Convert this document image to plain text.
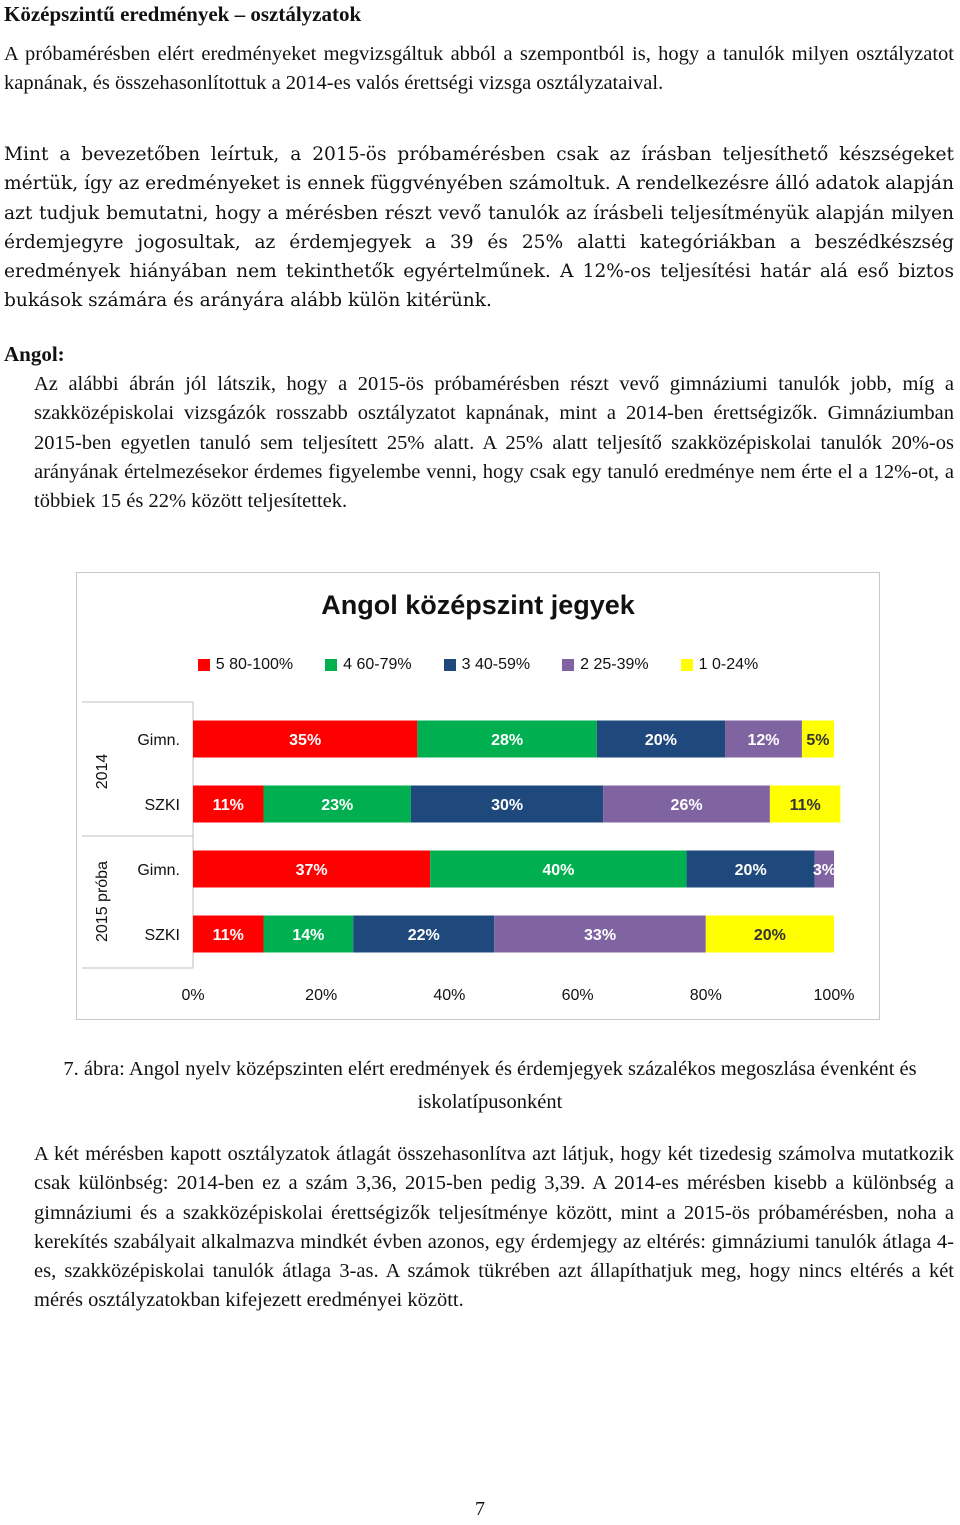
Középszintű eredmények – osztályzatok

A próbamérésben elért eredményeket megvizsgáltuk abból a szempontból is, hogy a tanulók milyen osztályzatot kapnának, és összehasonlítottuk a 2014-es valós érettségi vizsga osztályzataival.

Mint a bevezetőben leírtuk, a 2015-ös próbamérésben csak az írásban teljesíthető készségeket mértük, így az eredményeket is ennek függvényében számoltuk. A rendelkezésre álló adatok alapján azt tudjuk bemutatni, hogy a mérésben részt vevő tanulók az írásbeli teljesítményük alapján milyen érdemjegyre jogosultak, az érdemjegyek a 39 és 25% alatti kategóriákban a beszédkészség eredmények hiányában nem tekinthetők egyértelműnek. A 12%-os teljesítési határ alá eső biztos bukások számára és arányára alább külön kitérünk.

Angol:

Az alábbi ábrán jól látszik, hogy a 2015-ös próbamérésben részt vevő gimnáziumi tanulók jobb, míg a szakközépiskolai vizsgázók rosszabb osztályzatot kapnának, mint a 2014-ben érettségizők. Gimnáziumban 2015-ben egyetlen tanuló sem teljesített 25% alatt. A 25% alatt teljesítő szakközépiskolai tanulók 20%-os arányának értelmezésekor érdemes figyelembe venni, hogy csak egy tanuló eredménye nem érte el a 12%-ot, a többiek 15 és 22% között teljesítettek.

Angol középszint jegyek
5 80-100%	4 60-79%	3 40-59%	2 25-39%	1 0-24%
2014
Gimn.	35%	28%	20%	12% 5%
SZKI 11%	23%	30%	26%	11%
2015 próba Gimn.	37%	40%	20%	3%
SZKI 11%	14%	22%	33%	20%
0%	20%	40%	60%	80%	100%
7. ábra: Angol nyelv középszinten elért eredmények és érdemjegyek százalékos megoszlása évenként és iskolatípusonként

A két mérésben kapott osztályzatok átlagát összehasonlítva azt látjuk, hogy két tizedesig számolva mutatkozik csak különbség: 2014-ben ez a szám 3,36, 2015-ben pedig 3,39. A 2014-es mérésben kisebb a különbség a gimnáziumi és a szakközépiskolai érettségizők teljesítménye között, mint a 2015-ös próbamérésben, noha a kerekítés szabályait alkalmazva mindkét évben azonos, egy érdemjegy az eltérés: gimnáziumi tanulók átlaga 4-es, szakközépiskolai tanulók átlaga 3-as. A számok tükrében azt állapíthatjuk meg, hogy nincs eltérés a két mérés osztályzatokban kifejezett eredményei között.

7
